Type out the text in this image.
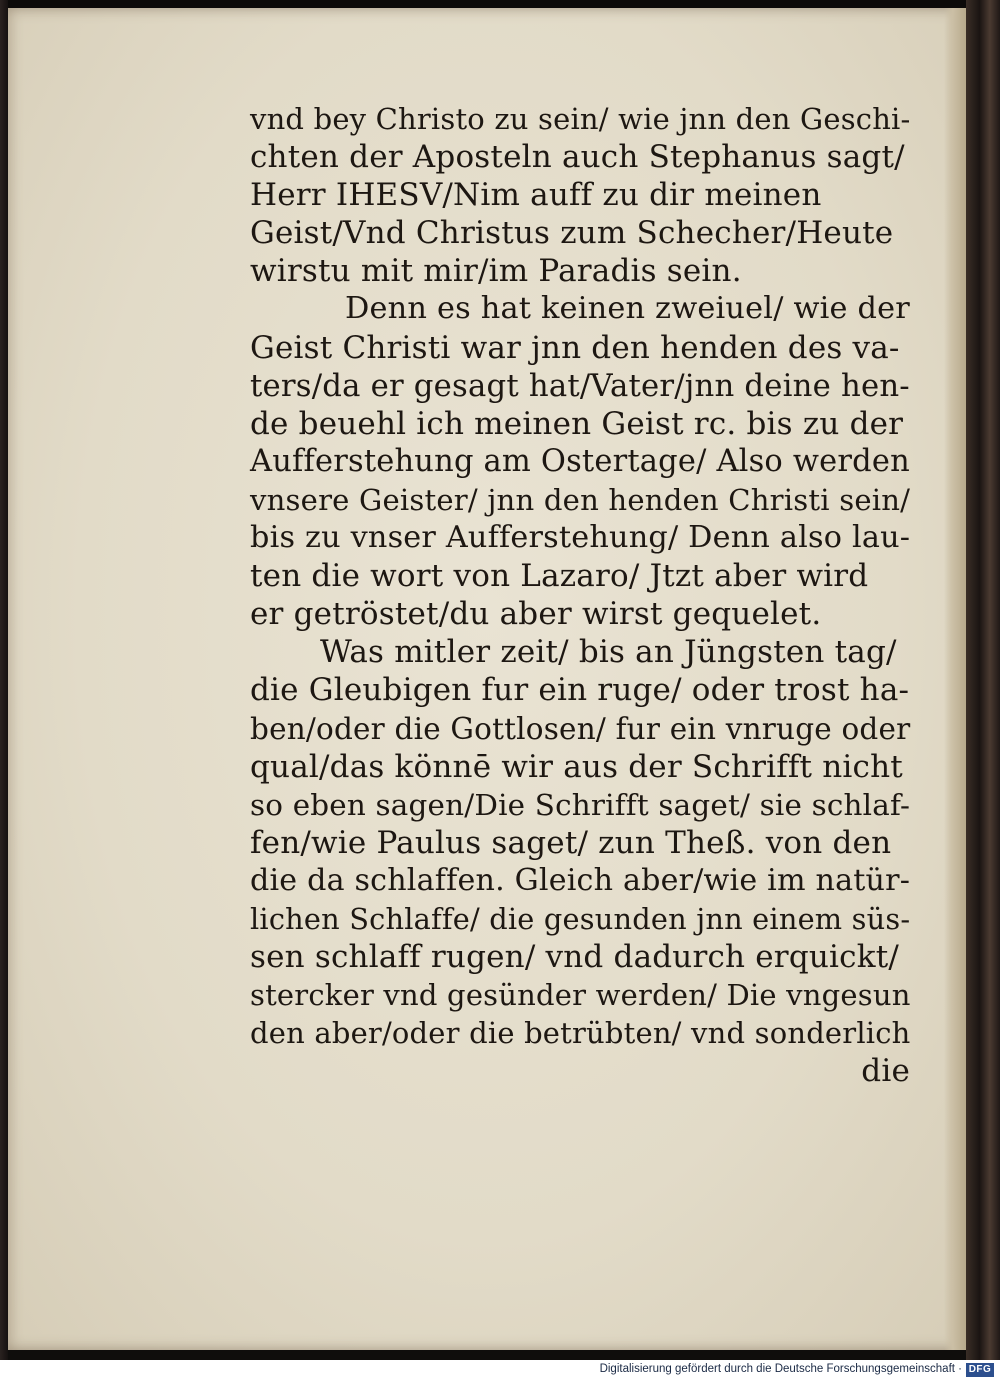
vnd bey Christo zu sein/ wie jnn den Geschi-
chten der Aposteln auch Stephanus sagt/
Herr IHESV/Nim auff zu dir meinen
Geist/Vnd Christus zum Schecher/Heute
wirstu mit mir/im Paradis sein.
Denn es hat keinen zweiuel/ wie der
Geist Christi war jnn den henden des va-
ters/da er gesagt hat/Vater/jnn deine hen-
de beuehl ich meinen Geist rc. bis zu der
Aufferstehung am Ostertage/ Also werden
vnsere Geister/ jnn den henden Christi sein/
bis zu vnser Aufferstehung/ Denn also lau-
ten die wort von Lazaro/ Jtzt aber wird
er getröstet/du aber wirst gequelet.
Was mitler zeit/ bis an Jüngsten tag/
die Gleubigen fur ein ruge/ oder trost ha-
ben/oder die Gottlosen/ fur ein vnruge oder
qual/das könnē wir aus der Schrifft nicht
so eben sagen/Die Schrifft saget/ sie schlaf-
fen/wie Paulus saget/ zun Theß. von den
die da schlaffen. Gleich aber/wie im natür-
lichen Schlaffe/ die gesunden jnn einem süs-
sen schlaff rugen/ vnd dadurch erquickt/
stercker vnd gesünder werden/ Die vngesun
den aber/oder die betrübten/ vnd sonderlich
die
Digitalisierung gefördert durch die Deutsche Forschungsgemeinschaft · DFG
